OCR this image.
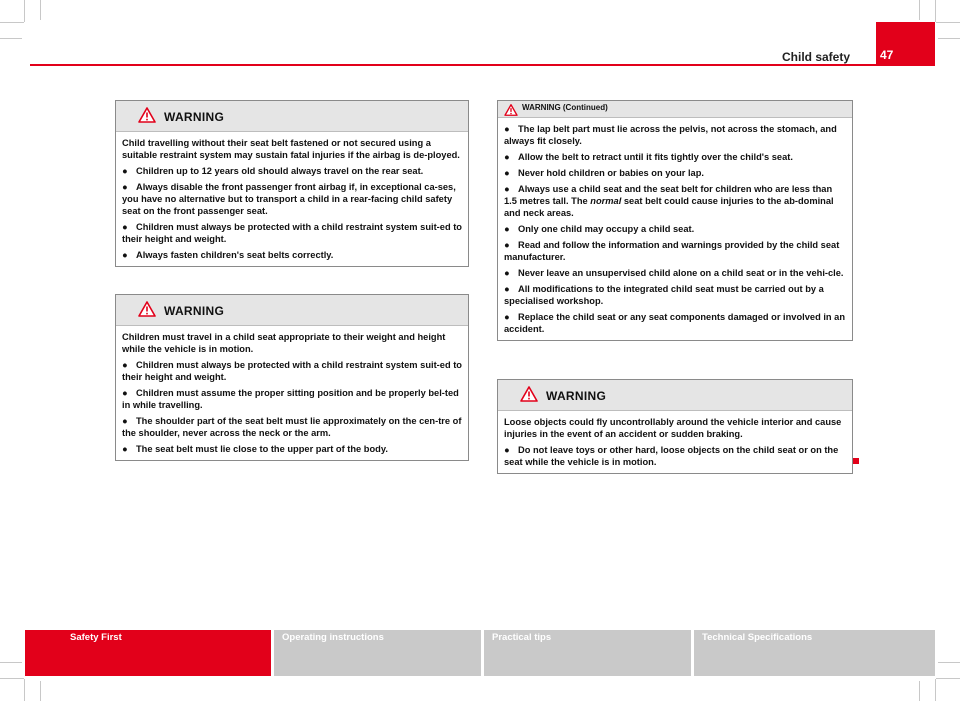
Child safety	47
WARNING

Child travelling without their seat belt fastened or not secured using a suitable restraint system may sustain fatal injuries if the airbag is de-ployed.

● Children up to 12 years old should always travel on the rear seat.
● Always disable the front passenger front airbag if, in exceptional ca-ses, you have no alternative but to transport a child in a rear-facing child safety seat on the front passenger seat.
● Children must always be protected with a child restraint system suit-ed to their height and weight.
● Always fasten children's seat belts correctly.
WARNING

Children must travel in a child seat appropriate to their weight and height while the vehicle is in motion.

● Children must always be protected with a child restraint system suit-ed to their height and weight.
● Children must assume the proper sitting position and be properly bel-ted in while travelling.
● The shoulder part of the seat belt must lie approximately on the cen-tre of the shoulder, never across the neck or the arm.
● The seat belt must lie close to the upper part of the body.
WARNING (Continued)
● The lap belt part must lie across the pelvis, not across the stomach, and always fit closely.
● Allow the belt to retract until it fits tightly over the child's seat.
● Never hold children or babies on your lap.
● Always use a child seat and the seat belt for children who are less than 1.5 metres tall. The normal seat belt could cause injuries to the ab-dominal and neck areas.
● Only one child may occupy a child seat.
● Read and follow the information and warnings provided by the child seat manufacturer.
● Never leave an unsupervised child alone on a child seat or in the vehi-cle.
● All modifications to the integrated child seat must be carried out by a specialised workshop.
● Replace the child seat or any seat components damaged or involved in an accident.
WARNING

Loose objects could fly uncontrollably around the vehicle interior and cause injuries in the event of an accident or sudden braking.

● Do not leave toys or other hard, loose objects on the child seat or on the seat while the vehicle is in motion.
Safety First	Operating instructions	Practical tips	Technical Specifications
